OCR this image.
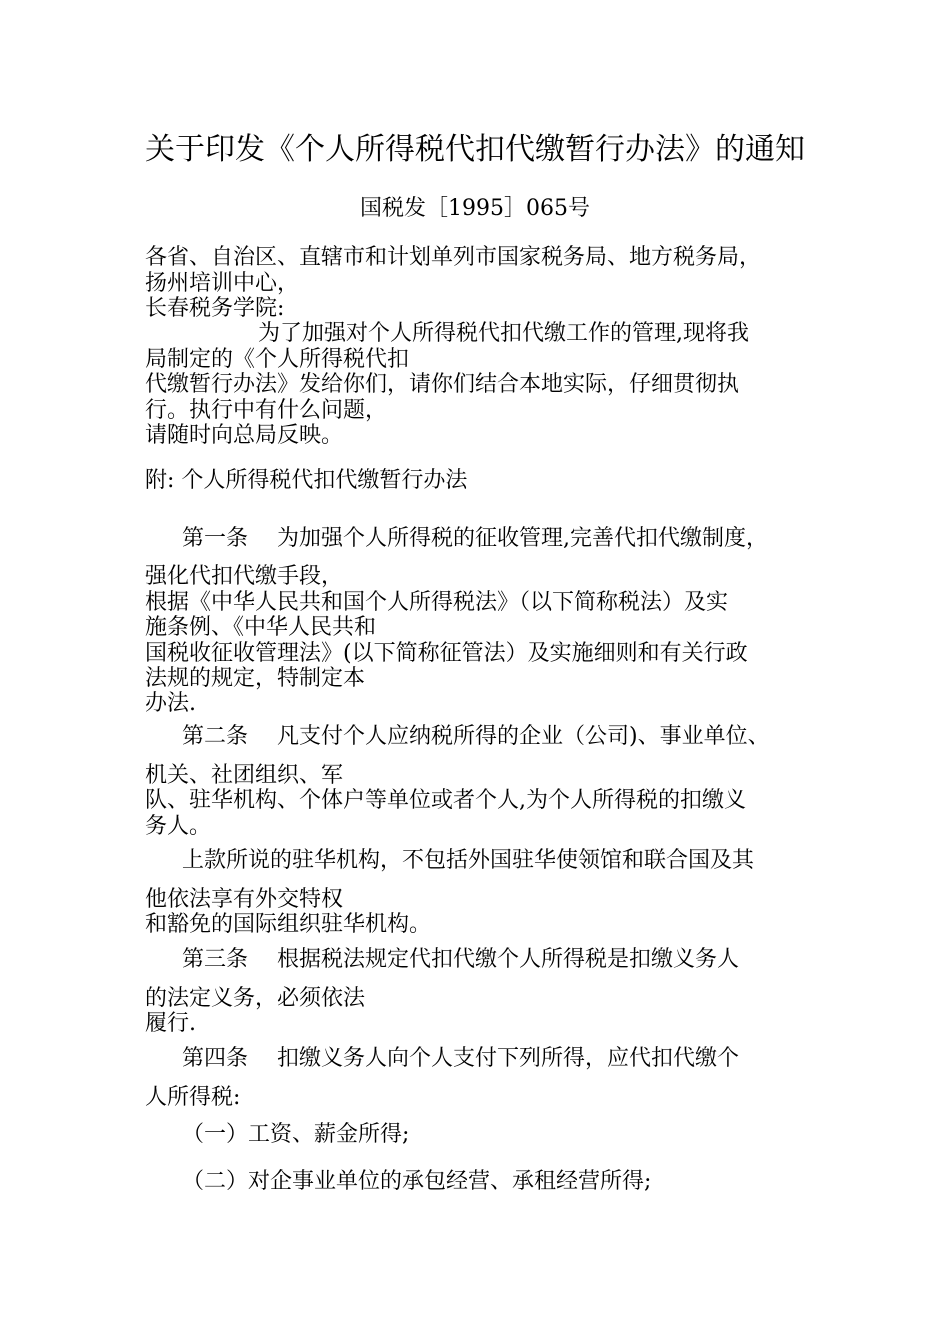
关于印发《个人所得税代扣代缴暂行办法》的通知
国税发［1995］065号
各省、自治区、直辖市和计划单列市国家税务局、地方税务局，
扬州培训中心，
长春税务学院:
为了加强对个人所得税代扣代缴工作的管理,现将我
局制定的《个人所得税代扣
代缴暂行办法》发给你们，请你们结合本地实际，仔细贯彻执
行。执行中有什么问题，
请随时向总局反映。
附: 个人所得税代扣代缴暂行办法
第一条　 为加强个人所得税的征收管理,完善代扣代缴制度，
强化代扣代缴手段，
根据《中华人民共和国个人所得税法》（以下简称税法）及实
施条例、《中华人民共和
国税收征收管理法》(以下简称征管法）及实施细则和有关行政
法规的规定，特制定本
办法.
第二条　 凡支付个人应纳税所得的企业（公司)、事业单位、
机关、社团组织、军
队、驻华机构、个体户等单位或者个人,为个人所得税的扣缴义
务人。
上款所说的驻华机构，不包括外国驻华使领馆和联合国及其
他依法享有外交特权
和豁免的国际组织驻华机构。
第三条　 根据税法规定代扣代缴个人所得税是扣缴义务人
的法定义务，必须依法
履行.
第四条　 扣缴义务人向个人支付下列所得，应代扣代缴个
人所得税:
（一）工资、薪金所得;
（二）对企事业单位的承包经营、承租经营所得;
